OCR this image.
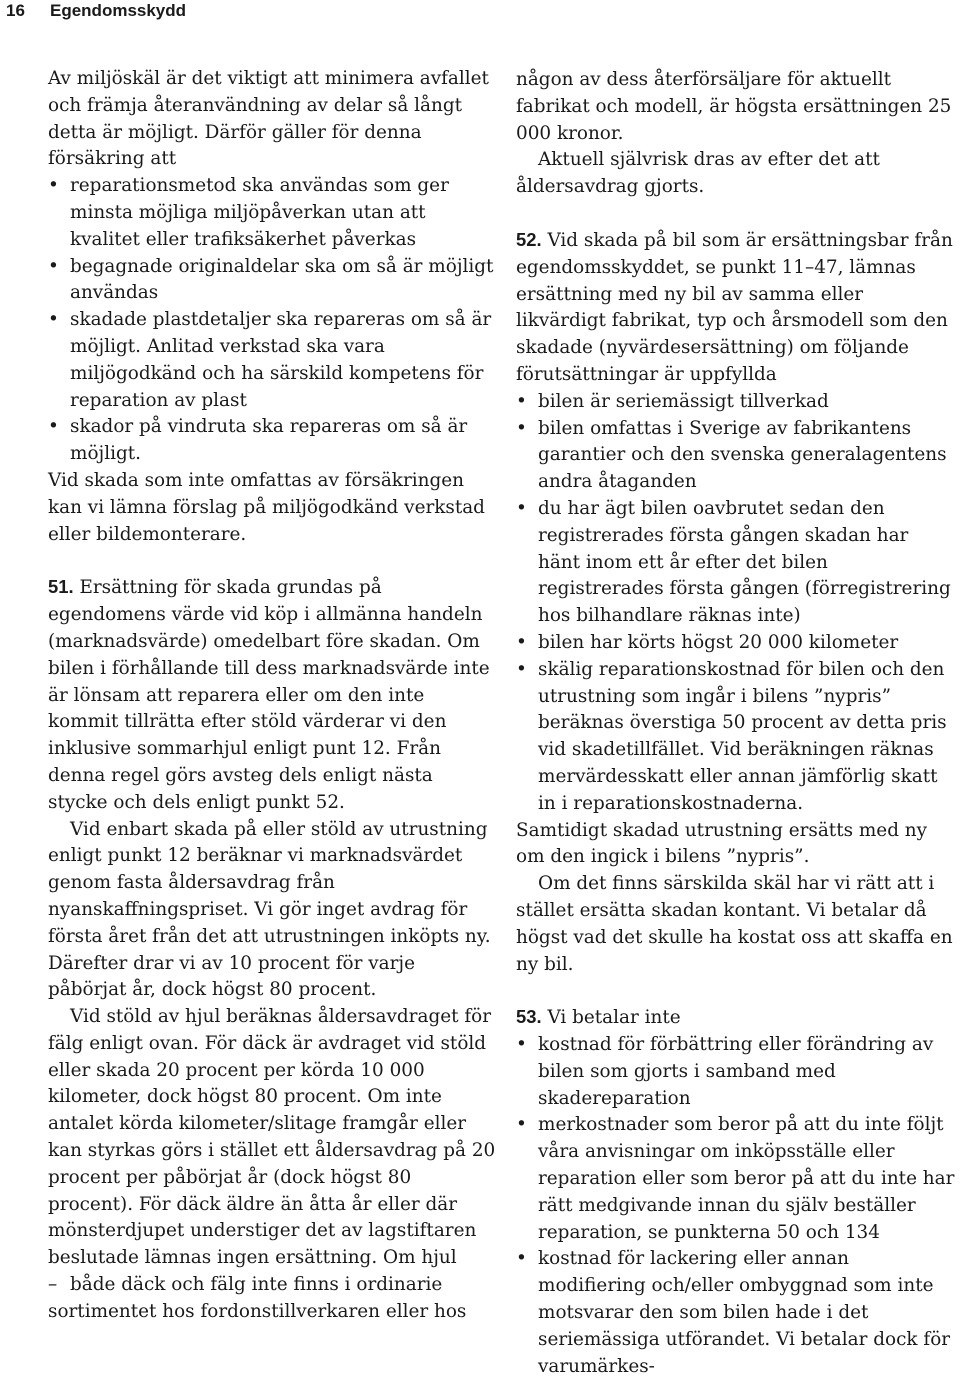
16 Egendomsskydd

Av miljöskäl är det viktigt att minimera avfallet och främja återanvändning av delar så långt detta är möjligt. Därför gäller för denna försäkring att

• reparationsmetod ska användas som ger minsta möjliga miljöpåverkan utan att kvalitet eller trafiksäkerhet påverkas
• begagnade originaldelar ska om så är möjligt användas
• skadade plastdetaljer ska repareras om så är möjligt. Anlitad verkstad ska vara miljögodkänd och ha särskild kompetens för reparation av plast
• skador på vindruta ska repareras om så är möjligt.

Vid skada som inte omfattas av försäkringen kan vi lämna förslag på miljögodkänd verkstad eller bildemonterare.

51. Ersättning för skada grundas på egendomens värde vid köp i allmänna handeln (marknadsvärde) omedelbart före skadan. Om bilen i förhållande till dess marknadsvärde inte är lönsam att reparera eller om den inte kommit tillrätta efter stöld värderar vi den inklusive sommarhjul enligt punt 12. Från denna regel görs avsteg dels enligt nästa stycke och dels enligt punkt 52.

Vid enbart skada på eller stöld av utrustning enligt punkt 12 beräknar vi marknadsvärdet genom fasta åldersavdrag från nyanskaffningspriset. Vi gör inget avdrag för första året från det att utrustningen inköpts ny. Därefter drar vi av 10 procent för varje påbörjat år, dock högst 80 procent.

Vid stöld av hjul beräknas åldersavdraget för fälg enligt ovan. För däck är avdraget vid stöld eller skada 20 procent per körda 10 000 kilometer, dock högst 80 procent. Om inte antalet körda kilometer/slitage framgår eller kan styrkas görs i stället ett åldersavdrag på 20 procent per påbörjat år (dock högst 80 procent). För däck äldre än åtta år eller där mönsterdjupet understiger det av lagstiftaren beslutade lämnas ingen ersättning. Om hjul

– både däck och fälg inte finns i ordinarie

sortimentet hos fordonstillverkaren eller hos

någon av dess återförsäljare för aktuellt fabrikat och modell, är högsta ersättningen 25 000 kronor.

Aktuell självrisk dras av efter det att åldersavdrag gjorts.

52. Vid skada på bil som är ersättningsbar från egendomsskyddet, se punkt 11–47, lämnas ersättning med ny bil av samma eller likvärdigt fabrikat, typ och årsmodell som den skadade (nyvärdesersättning) om följande förutsättningar är uppfyllda

• bilen är seriemässigt tillverkad
• bilen omfattas i Sverige av fabrikantens garantier och den svenska generalagentens andra åtaganden
• du har ägt bilen oavbrutet sedan den registrerades första gången skadan har hänt inom ett år efter det bilen registrerades första gången (förregistrering hos bilhandlare räknas inte)
• bilen har körts högst 20 000 kilometer
• skälig reparationskostnad för bilen och den utrustning som ingår i bilens ”nypris” beräknas överstiga 50 procent av detta pris vid skadetillfället. Vid beräkningen räknas mervärdesskatt eller annan jämförlig skatt in i reparationskostnaderna.

Samtidigt skadad utrustning ersätts med ny om den ingick i bilens ”nypris”.

Om det finns särskilda skäl har vi rätt att i stället ersätta skadan kontant. Vi betalar då högst vad det skulle ha kostat oss att skaffa en ny bil.

53. Vi betalar inte

• kostnad för förbättring eller förändring av bilen som gjorts i samband med skadereparation
• merkostnader som beror på att du inte följt våra anvisningar om inköpsställe eller reparation eller som beror på att du inte har rätt medgivande innan du själv beställer reparation, se punkterna 50 och 134
• kostnad för lackering eller annan modifiering och/eller ombyggnad som inte motsvarar den som bilen hade i det seriemässiga utförandet. Vi betalar dock för varumärkes-
